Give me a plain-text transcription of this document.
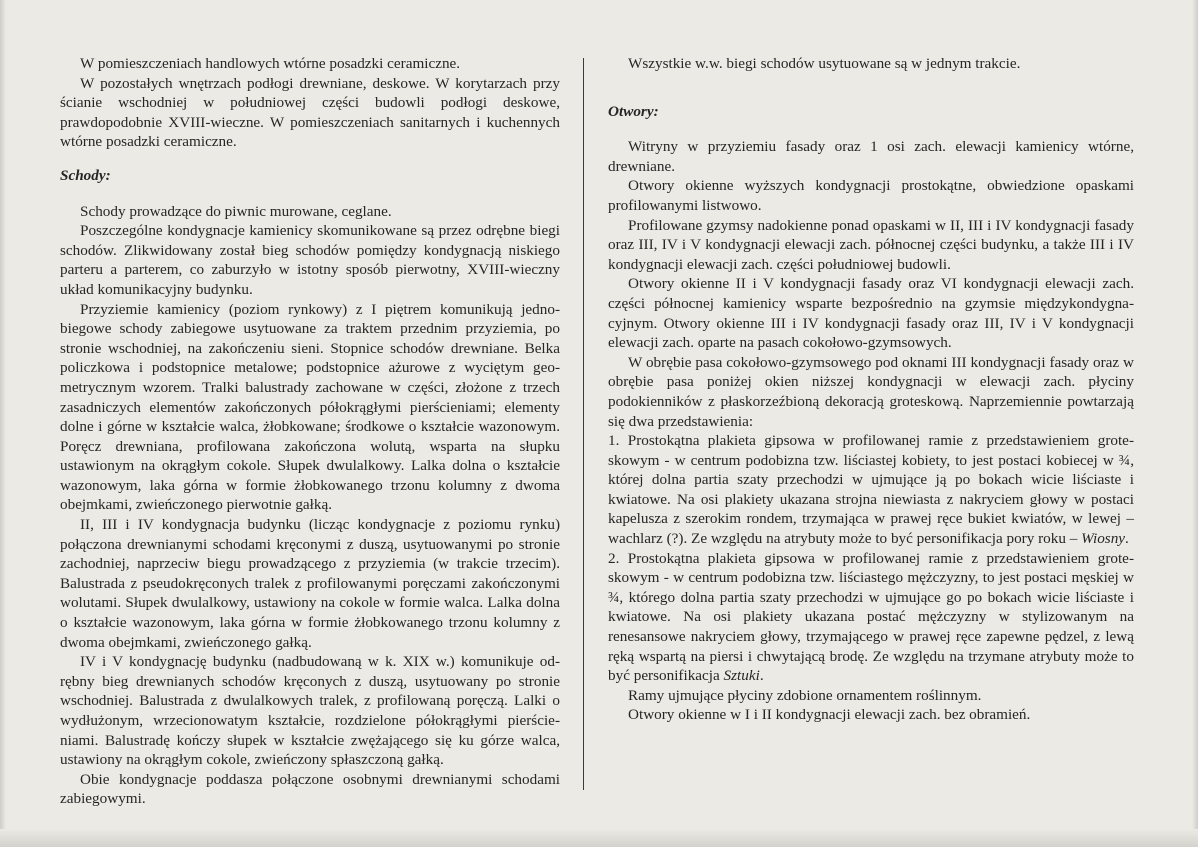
W pomieszczeniach handlowych wtórne posadzki ceramiczne.

W pozostałych wnętrzach podłogi drewniane, deskowe. W korytarzach przy ścianie wschodniej w południowej części budowli podłogi deskowe, prawdopodobnie XVIII-wieczne. W pomieszczeniach sanitarnych i kuchennych wtórne posadzki ceramiczne.

Schody:

Schody prowadzące do piwnic murowane, ceglane.

Poszczególne kondygnacje kamienicy skomunikowane są przez odrębne biegi schodów. Zlikwidowany został bieg schodów pomiędzy kondygnacją niskiego parteru a parterem, co zaburzyło w istotny sposób pierwotny, XVIII-wieczny układ komunikacyjny budynku.

Przyziemie kamienicy (poziom rynkowy) z I piętrem komunikują jednobiegowe schody zabiegowe usytuowane za traktem przednim przyziemia, po stronie wschodniej, na zakończeniu sieni. Stopnice schodów drewniane. Belka policzkowa i podstopnice metalowe; podstopnice ażurowe z wyciętym geometrycznym wzorem. Tralki balustrady zachowane w części, złożone z trzech zasadniczych elementów zakończonych półokrągłymi pierścieniami; elementy dolne i górne w kształcie walca, żłobkowane; środkowe o kształcie wazonowym. Poręcz drewniana, profilowana zakończona wolutą, wsparta na słupku ustawionym na okrągłym cokole. Słupek dwulalkowy. Lalka dolna o kształcie wazonowym, laka górna w formie żłobkowanego trzonu kolumny z dwoma obejmkami, zwieńczonego pierwotnie gałką.

II, III i IV kondygnacja budynku (licząc kondygnacje z poziomu rynku) połączona drewnianymi schodami kręconymi z duszą, usytuowanymi po stronie zachodniej, naprzeciw biegu prowadzącego z przyziemia (w trakcie trzecim). Balustrada z pseudokręconych tralek z profilowanymi poręczami zakończonymi wolutami. Słupek dwulalkowy, ustawiony na cokole w formie walca. Lalka dolna o kształcie wazonowym, laka górna w formie żłobkowanego trzonu kolumny z dwoma obejmkami, zwieńczonego gałką.

IV i V kondygnację budynku (nadbudowaną w k. XIX w.) komunikuje odrębny bieg drewnianych schodów kręconych z duszą, usytuowany po stronie wschodniej. Balustrada z dwulalkowych tralek, z profilowaną poręczą. Lalki o wydłużonym, wrzecionowatym kształcie, rozdzielone półokrągłymi pierścieniami. Balustradę kończy słupek w kształcie zwężającego się ku górze walca, ustawiony na okrągłym cokole, zwieńczony spłaszczoną gałką.

Obie kondygnacje poddasza połączone osobnymi drewnianymi schodami zabiegowymi.

Wszystkie w.w. biegi schodów usytuowane są w jednym trakcie.

Otwory:

Witryny w przyziemiu fasady oraz 1 osi zach. elewacji kamienicy wtórne, drewniane.

Otwory okienne wyższych kondygnacji prostokątne, obwiedzione opaskami profilowanymi listwowo.

Profilowane gzymsy nadokienne ponad opaskami w II, III i IV kondygnacji fasady oraz III, IV i V kondygnacji elewacji zach. północnej części budynku, a także III i IV kondygnacji elewacji zach. części południowej budowli.

Otwory okienne II i V kondygnacji fasady oraz VI kondygnacji elewacji zach. części północnej kamienicy wsparte bezpośrednio na gzymsie międzykondygnacyjnym. Otwory okienne III i IV kondygnacji fasady oraz III, IV i V kondygnacji elewacji zach. oparte na pasach cokołowo-gzymsowych.

W obrębie pasa cokołowo-gzymsowego pod oknami III kondygnacji fasady oraz w obrębie pasa poniżej okien niższej kondygnacji w elewacji zach. płyciny podokienników z płaskorzeźbioną dekoracją groteskową. Naprzemiennie powtarzają się dwa przedstawienia:

1. Prostokątna plakieta gipsowa w profilowanej ramie z przedstawieniem groteskowym - w centrum podobizna tzw. liściastej kobiety, to jest postaci kobiecej w ¾, której dolna partia szaty przechodzi w ujmujące ją po bokach wicie liściaste i kwiatowe. Na osi plakiety ukazana strojna niewiasta z nakryciem głowy w postaci kapelusza z szerokim rondem, trzymająca w prawej ręce bukiet kwiatów, w lewej – wachlarz (?). Ze względu na atrybuty może to być personifikacja pory roku – Wiosny.

2. Prostokątna plakieta gipsowa w profilowanej ramie z przedstawieniem groteskowym - w centrum podobizna tzw. liściastego mężczyzny, to jest postaci męskiej w ¾, którego dolna partia szaty przechodzi w ujmujące go po bokach wicie liściaste i kwiatowe. Na osi plakiety ukazana postać mężczyzny w stylizowanym na renesansowe nakryciem głowy, trzymającego w prawej ręce zapewne pędzel, z lewą ręką wspartą na piersi i chwytającą brodę. Ze względu na trzymane atrybuty może to być personifikacja Sztuki.

Ramy ujmujące płyciny zdobione ornamentem roślinnym.

Otwory okienne w I i II kondygnacji elewacji zach. bez obramień.
